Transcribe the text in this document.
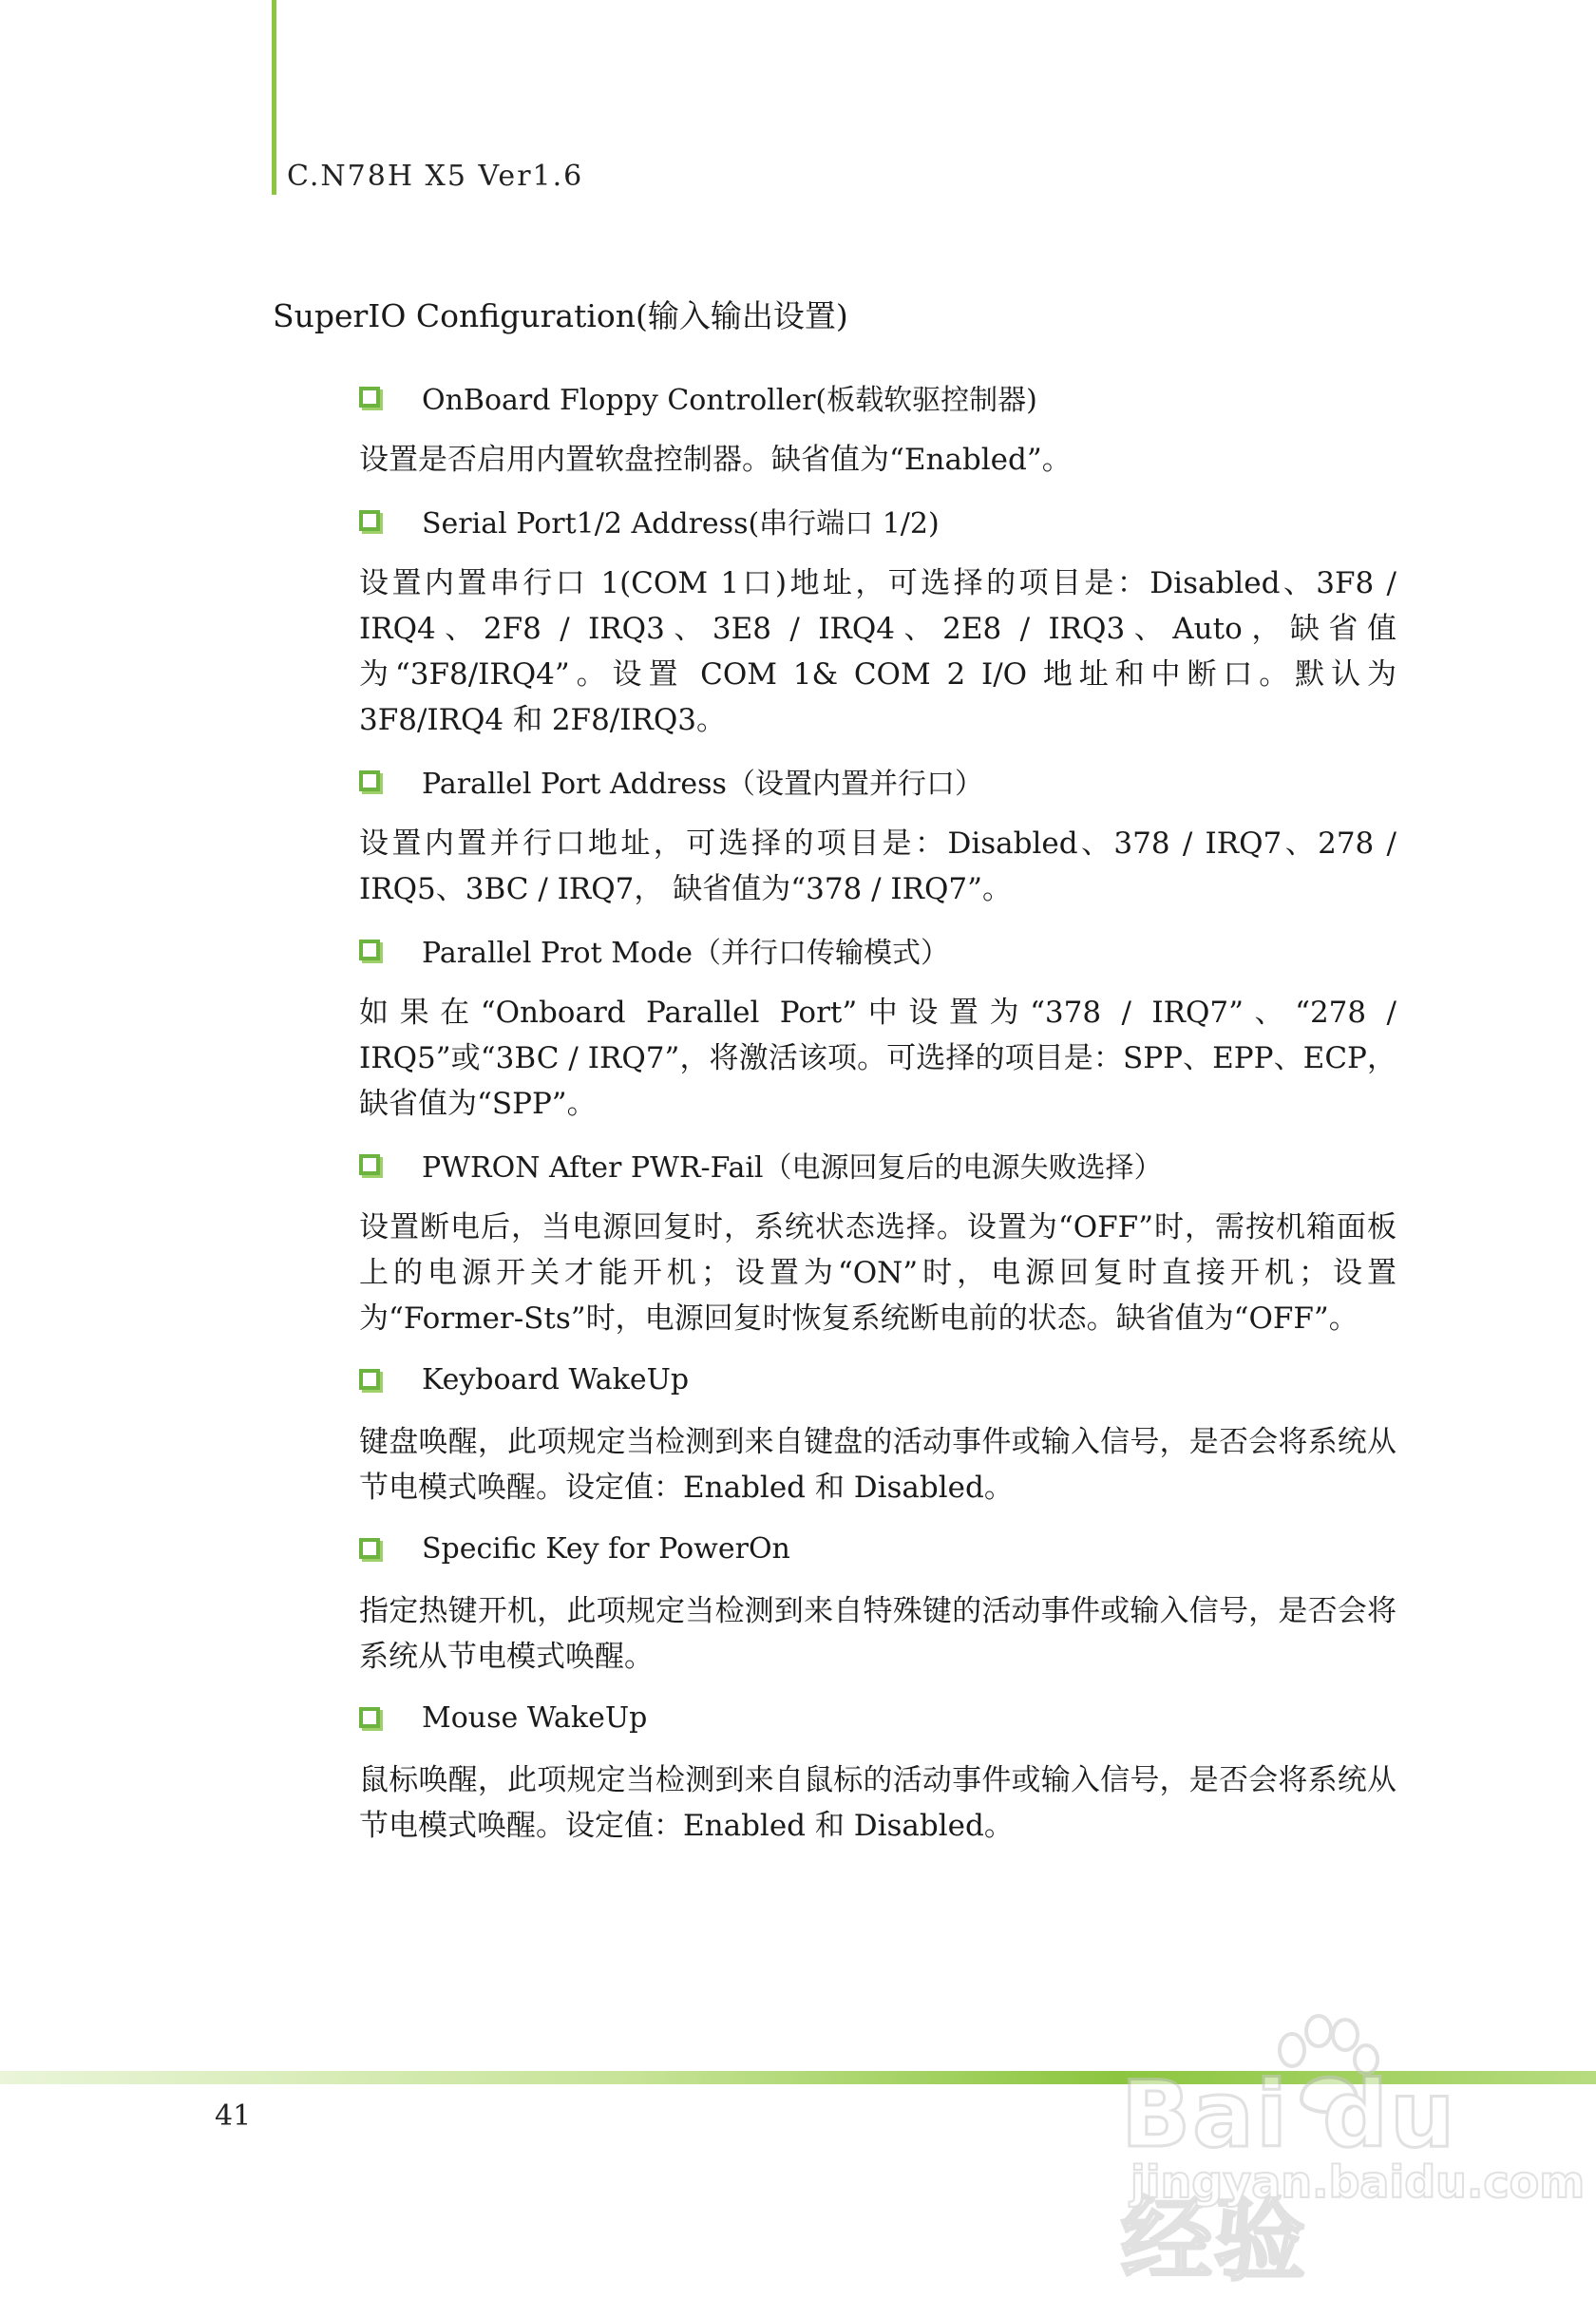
C.N78H X5 Ver1.6
SuperIO Configuration(输入输出设置)
OnBoard Floppy Controller(板载软驱控制器)
设置是否启用内置软盘控制器。缺省值为“Enabled”。
Serial Port1/2 Address(串行端口 1/2)
设置内置串行口 1(COM 1口)地址，可选择的项目是：Disabled、3F8 / IRQ4、2F8 / IRQ3、3E8 / IRQ4、2E8 / IRQ3、Auto，缺省值为“3F8/IRQ4”。设置 COM 1& COM 2 I/O 地址和中断口。默认为 3F8/IRQ4 和 2F8/IRQ3。
Parallel Port Address（设置内置并行口）
设置内置并行口地址，可选择的项目是：Disabled、378 / IRQ7、278 / IRQ5、3BC / IRQ7， 缺省值为“378 / IRQ7”。
Parallel Prot Mode（并行口传输模式）
如果在“Onboard Parallel Port”中设置为“378 / IRQ7”、“278 / IRQ5”或“3BC / IRQ7”，将激活该项。可选择的项目是：SPP、EPP、ECP，缺省值为“SPP”。
PWRON After PWR-Fail（电源回复后的电源失败选择）
设置断电后，当电源回复时，系统状态选择。设置为“OFF”时，需按机箱面板上的电源开关才能开机；设置为“ON”时，电源回复时直接开机；设置为“Former-Sts”时，电源回复时恢复系统断电前的状态。缺省值为“OFF”。
Keyboard WakeUp
键盘唤醒，此项规定当检测到来自键盘的活动事件或输入信号，是否会将系统从节电模式唤醒。设定值：Enabled 和 Disabled。
Specific Key for PowerOn
指定热键开机，此项规定当检测到来自特殊键的活动事件或输入信号，是否会将系统从节电模式唤醒。
Mouse WakeUp
鼠标唤醒，此项规定当检测到来自鼠标的活动事件或输入信号，是否会将系统从节电模式唤醒。设定值：Enabled 和 Disabled。
41	Bai du 经验
jingyan.baidu.com
